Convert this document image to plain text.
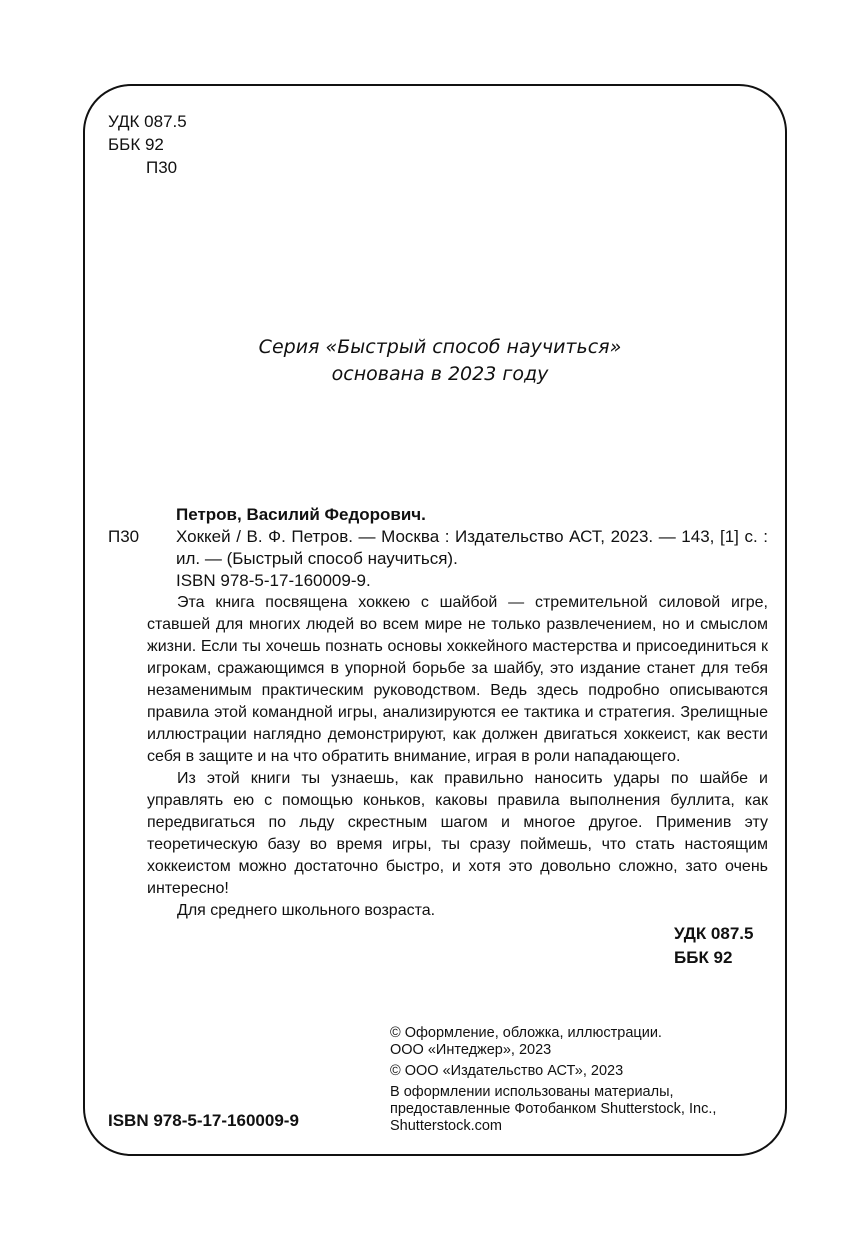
УДК 087.5
ББК 92
П30
Серия «Быстрый способ научиться»
основана в 2023 году
Петров, Василий Федорович.
П30 Хоккей / В. Ф. Петров. — Москва : Издательство АСТ, 2023. — 143, [1] с. : ил. — (Быстрый способ научиться).
ISBN 978-5-17-160009-9.

Эта книга посвящена хоккею с шайбой — стремительной силовой игре, ставшей для многих людей во всем мире не только развлечением, но и смыслом жизни. Если ты хочешь познать основы хоккейного мастерства и присоединиться к игрокам, сражающимся в упорной борьбе за шайбу, это издание станет для тебя незаменимым практическим руководством. Ведь здесь подробно описываются правила этой командной игры, анализируются ее тактика и стратегия. Зрелищные иллюстрации наглядно демонстрируют, как должен двигаться хоккеист, как вести себя в защите и на что обратить внимание, играя в роли нападающего.

Из этой книги ты узнаешь, как правильно наносить удары по шайбе и управлять ею с помощью коньков, каковы правила выполнения буллита, как передвигаться по льду скрестным шагом и многое другое. Применив эту теоретическую базу во время игры, ты сразу поймешь, что стать настоящим хоккеистом можно достаточно быстро, и хотя это довольно сложно, зато очень интересно!

Для среднего школьного возраста.

УДК 087.5
ББК 92
© Оформление, обложка, иллюстрации.
ООО «Интеджер», 2023
© ООО «Издательство АСТ», 2023
В оформлении использованы материалы,
предоставленные Фотобанком Shutterstock, Inc.,
Shutterstock.com
ISBN 978-5-17-160009-9
